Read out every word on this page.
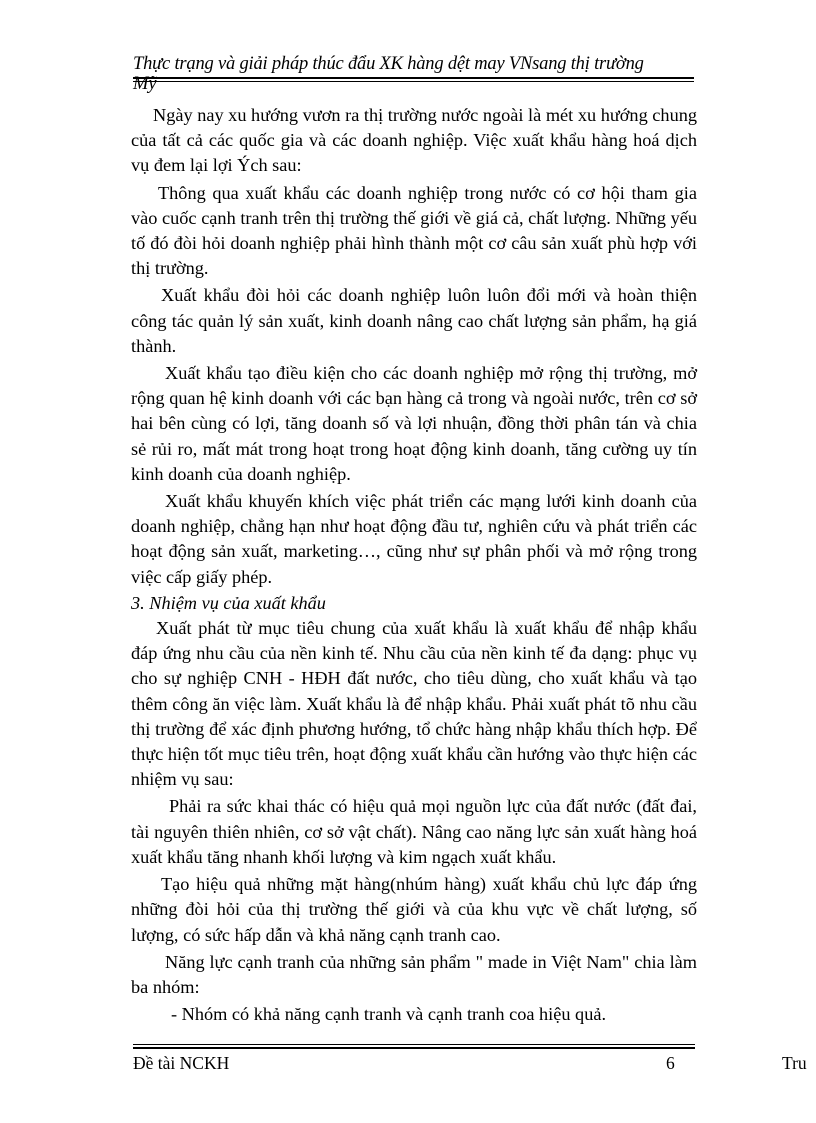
Thực trạng và giải pháp thúc đẩu XK hàng dệt may VNsang thị trường
Mỹ

Ngày nay xu hướng vươn ra thị trường nước ngoài là mét xu hướng chung của tất cả các quốc gia và các doanh nghiệp. Việc xuất khẩu hàng hoá dịch vụ đem lại lợi Ých sau:

Thông qua xuất khẩu các doanh nghiệp trong nước có cơ hội tham gia vào cuốc cạnh tranh trên thị trường thế giới về giá cả, chất lượng. Những yếu tố đó đòi hỏi doanh nghiệp phải hình thành một cơ câu sản xuất phù hợp với thị trường.

Xuất khẩu đòi hỏi các doanh nghiệp luôn luôn đổi mới và hoàn thiện công tác quản lý sản xuất, kinh doanh nâng cao chất lượng sản phẩm, hạ giá thành.

Xuất khẩu tạo điều kiện cho các doanh nghiệp mở rộng thị trường, mở rộng quan hệ kinh doanh với các bạn hàng cả trong và ngoài nước, trên cơ sở hai bên cùng có lợi, tăng doanh số và lợi nhuận, đồng thời phân tán và chia sẻ rủi ro, mất mát trong hoạt trong hoạt động kinh doanh, tăng cường uy tín kinh doanh của doanh nghiệp.

Xuất khẩu khuyến khích việc phát triển các mạng lưới kinh doanh của doanh nghiệp, chẳng hạn như hoạt động đầu tư, nghiên cứu và phát triển các hoạt động sản xuất, marketing…, cũng như sự phân phối và mở rộng trong việc cấp giấy phép.

3. Nhiệm vụ của xuất khẩu

Xuất phát từ mục tiêu chung của xuất khẩu là xuất khẩu để nhập khẩu đáp ứng nhu cầu của nền kinh tế. Nhu cầu của nền kinh tế đa dạng: phục vụ cho sự nghiệp CNH - HĐH đất nước, cho tiêu dùng, cho xuất khẩu và tạo thêm công ăn việc làm. Xuất khẩu là để nhập khẩu. Phải xuất phát tõ nhu cầu thị trường để xác định phương hướng, tổ chức hàng nhập khẩu thích hợp. Để thực hiện tốt mục tiêu trên, hoạt động xuất khẩu cần hướng vào thực hiện các nhiệm vụ sau:

Phải ra sức khai thác có hiệu quả mọi nguồn lực của đất nước (đất đai, tài nguyên thiên nhiên, cơ sở vật chất). Nâng cao năng lực sản xuất hàng hoá xuất khẩu tăng nhanh khối lượng và kim ngạch xuất khẩu.

Tạo hiệu quả những mặt hàng(nhúm hàng) xuất khẩu chủ lực đáp ứng những đòi hỏi của thị trường thế giới và của khu vực về chất lượng, số lượng, có sức hấp dẫn và khả năng cạnh tranh cao.

Năng lực cạnh tranh của những sản phẩm " made in Việt Nam" chia làm ba nhóm:

- Nhóm có khả năng cạnh tranh và cạnh tranh coa hiệu quả.

Đề tài NCKH	6	Tru
